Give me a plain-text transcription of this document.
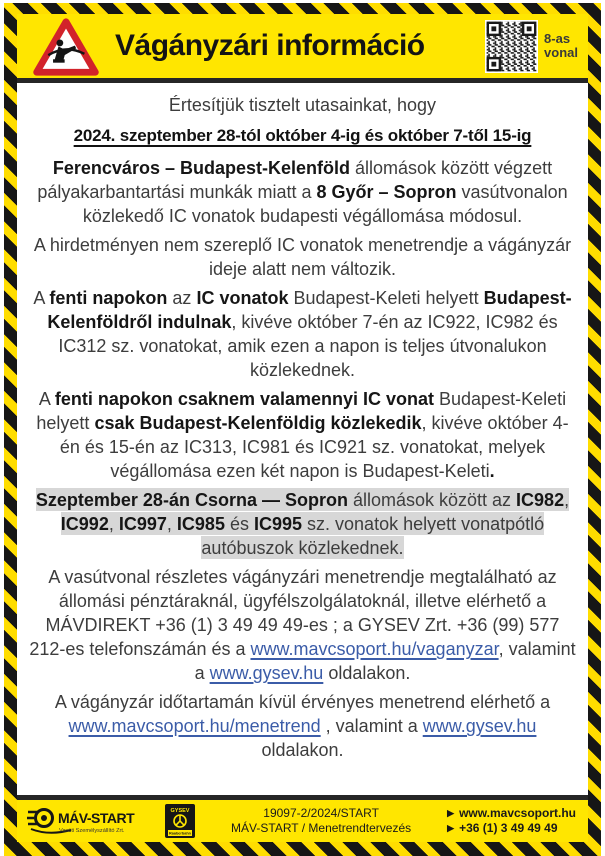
Vágányzári információ	8-as
vonal

Értesítjük tisztelt utasainkat, hogy

2024. szeptember 28-tól október 4-ig és október 7-től 15-ig

Ferencváros – Budapest-Kelenföld állomások között végzett pályakarbantartási munkák miatt a 8 Győr – Sopron vasútvonalon közlekedő IC vonatok budapesti végállomása módosul.

A hirdetményen nem szereplő IC vonatok menetrendje a vágányzár ideje alatt nem változik.

A fenti napokon az IC vonatok Budapest-Keleti helyett Budapest-Kelenföldről indulnak, kivéve október 7-én az IC922, IC982 és IC312 sz. vonatokat, amik ezen a napon is teljes útvonalukon közlekednek.

A fenti napokon csaknem valamennyi IC vonat Budapest-Keleti helyett csak Budapest-Kelenföldig közlekedik, kivéve október 4-én és 15-én az IC313, IC981 és IC921 sz. vonatokat, melyek végállomása ezen két napon is Budapest-Keleti.

Szeptember 28-án Csorna — Sopron állomások között az IC982, IC992, IC997, IC985 és IC995 sz. vonatok helyett vonatpótló autóbuszok közlekednek.

A vasútvonal részletes vágányzári menetrendje megtalálható az állomási pénztáraknál, ügyfélszolgálatoknál, illetve elérhető a MÁVDIREKT +36 (1) 3 49 49 49-es ; a GYSEV Zrt. +36 (99) 577 212-es telefonszámán és a www.mavcsoport.hu/vaganyzar, valamint a www.gysev.hu oldalakon.

A vágányzár időtartamán kívül érvényes menetrend elérhető a www.mavcsoport.hu/menetrend , valamint a www.gysev.hu oldalakon.

MÁV-START
Vasúti Személyszállító Zrt.
GYSEV
Raaberbahn
19097-2/2024/START
MÁV-START / Menetrendtervezés
▶ www.mavcsoport.hu
▶ +36 (1) 3 49 49 49
